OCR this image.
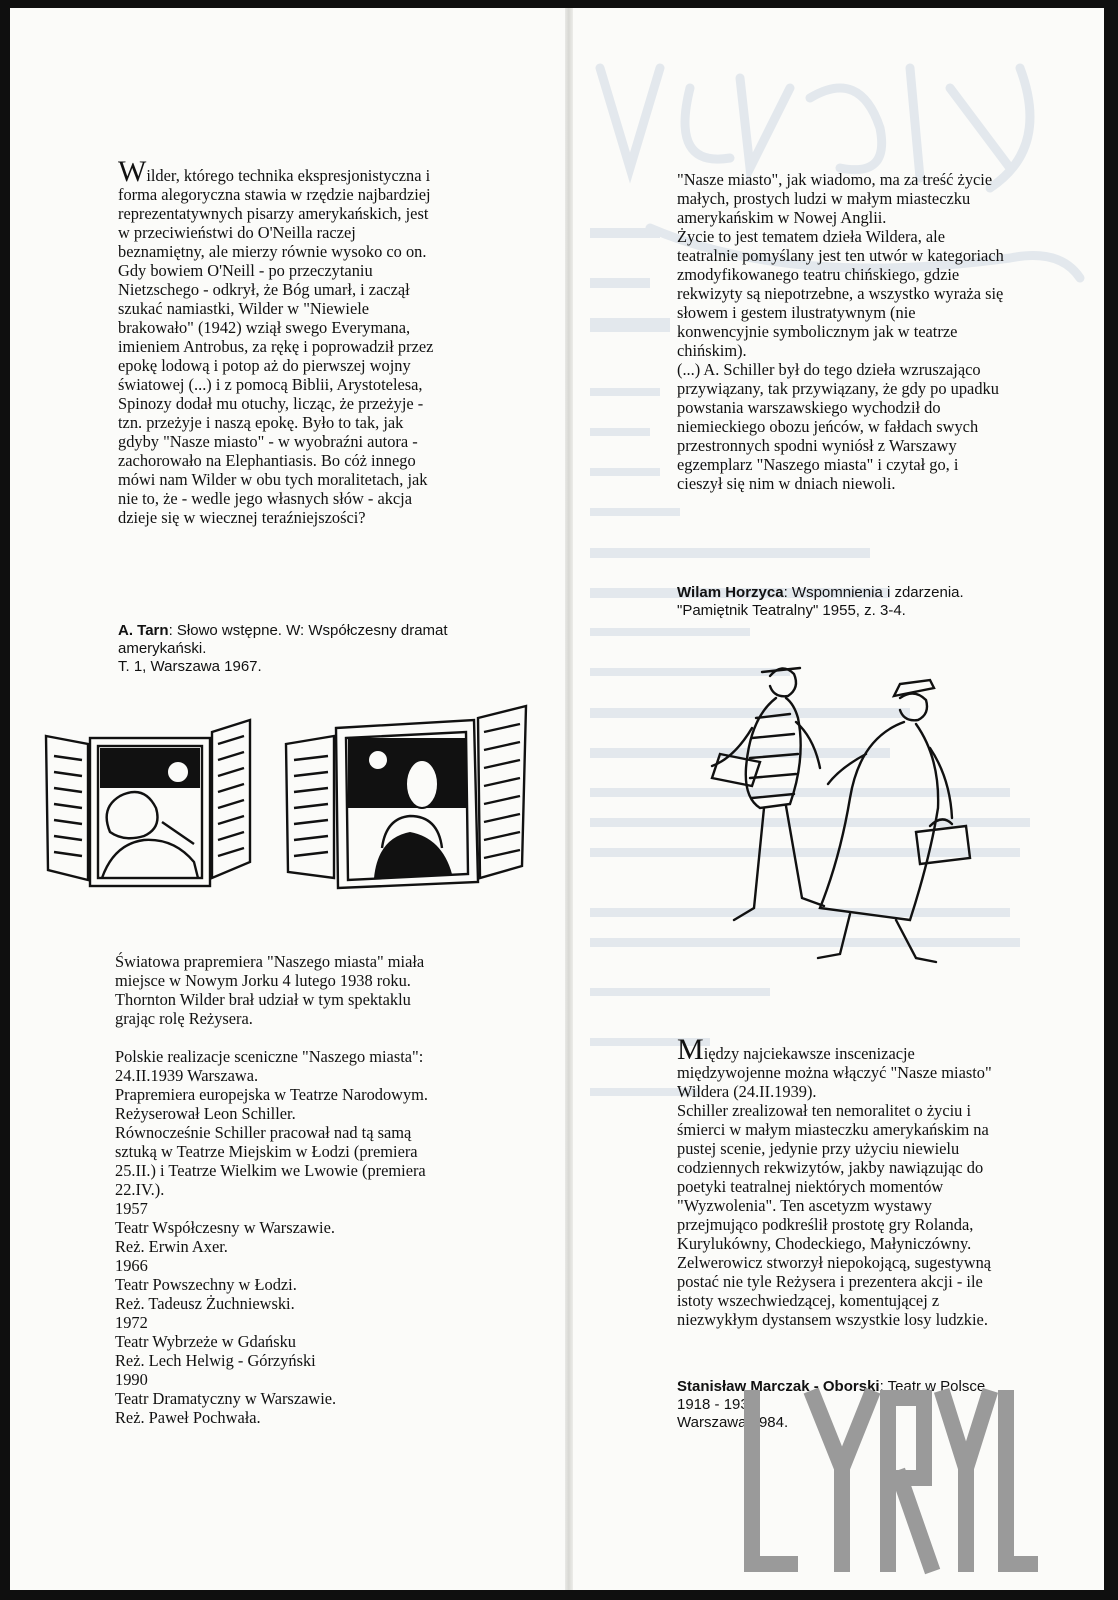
Wilder, którego technika ekspresjonistyczna i forma alegoryczna stawia w rzędzie najbardziej reprezentatywnych pisarzy amerykańskich, jest w przeciwieństwi do O'Neilla raczej beznamiętny, ale mierzy równie wysoko co on. Gdy bowiem O'Neill - po przeczytaniu Nietzschego - odkrył, że Bóg umarł, i zaczął szukać namiastki, Wilder w "Niewiele brakowało" (1942) wziął swego Everymana, imieniem Antrobus, za rękę i poprowadził przez epokę lodową i potop aż do pierwszej wojny światowej (...) i z pomocą Biblii, Arystotelesa, Spinozy dodał mu otuchy, licząc, że przeżyje - tzn. przeżyje i naszą epokę. Było to tak, jak gdyby "Nasze miasto" - w wyobraźni autora - zachorowało na Elephantiasis. Bo cóż innego mówi nam Wilder w obu tych moralitetach, jak nie to, że - wedle jego własnych słów - akcja dzieje się w wiecznej teraźniejszości?

A. Tarn: Słowo wstępne. W: Współczesny dramat amerykański.

T. 1, Warszawa 1967.

Światowa prapremiera "Naszego miasta" miała miejsce w Nowym Jorku 4 lutego 1938 roku.

Thornton Wilder brał udział w tym spektaklu grając rolę Reżysera.

Polskie realizacje sceniczne "Naszego miasta":

24.II.1939 Warszawa.

Prapremiera europejska w Teatrze Narodowym. Reżyserował Leon Schiller.

Równocześnie Schiller pracował nad tą samą sztuką w Teatrze Miejskim w Łodzi (premiera 25.II.) i Teatrze Wielkim we Lwowie (premiera 22.IV.).

1957

Teatr Współczesny w Warszawie.

Reż. Erwin Axer.

1966

Teatr Powszechny w Łodzi.

Reż. Tadeusz Żuchniewski.

1972

Teatr Wybrzeże w Gdańsku

Reż. Lech Helwig - Górzyński

1990

Teatr Dramatyczny w Warszawie.

Reż. Paweł Pochwała.

"Nasze miasto", jak wiadomo, ma za treść życie małych, prostych ludzi w małym miasteczku amerykańskim w Nowej Anglii.

Życie to jest tematem dzieła Wildera, ale teatralnie pomyślany jest ten utwór w kategoriach zmodyfikowanego teatru chińskiego, gdzie rekwizyty są niepotrzebne, a wszystko wyraża się słowem i gestem ilustratywnym (nie konwencyjnie symbolicznym jak w teatrze chińskim).

(...) A. Schiller był do tego dzieła wzruszająco przywiązany, tak przywiązany, że gdy po upadku powstania warszawskiego wychodził do niemieckiego obozu jeńców, w fałdach swych przestronnych spodni wyniósł z Warszawy egzemplarz "Naszego miasta" i czytał go, i cieszył się nim w dniach niewoli.

Wilam Horzyca: Wspomnienia i zdarzenia.

"Pamiętnik Teatralny" 1955, z. 3-4.

Między najciekawsze inscenizacje międzywojenne można włączyć "Nasze miasto" Wildera (24.II.1939).

Schiller zrealizował ten nemoralitet o życiu i śmierci w małym miasteczku amerykańskim na pustej scenie, jedynie przy użyciu niewielu codziennych rekwizytów, jakby nawiązując do poetyki teatralnej niektórych momentów "Wyzwolenia". Ten ascetyzm wystawy przejmująco podkreślił prostotę gry Rolanda, Kurylukówny, Chodeckiego, Małyniczówny. Zelwerowicz stworzył niepokojącą, sugestywną postać nie tyle Reżysera i prezentera akcji - ile istoty wszechwiedzącej, komentującej z niezwykłym dystansem wszystkie losy ludzkie.

Stanisław Marczak - Oborski: Teatr w Polsce 1918 - 1939.

Warszawa 1984.
